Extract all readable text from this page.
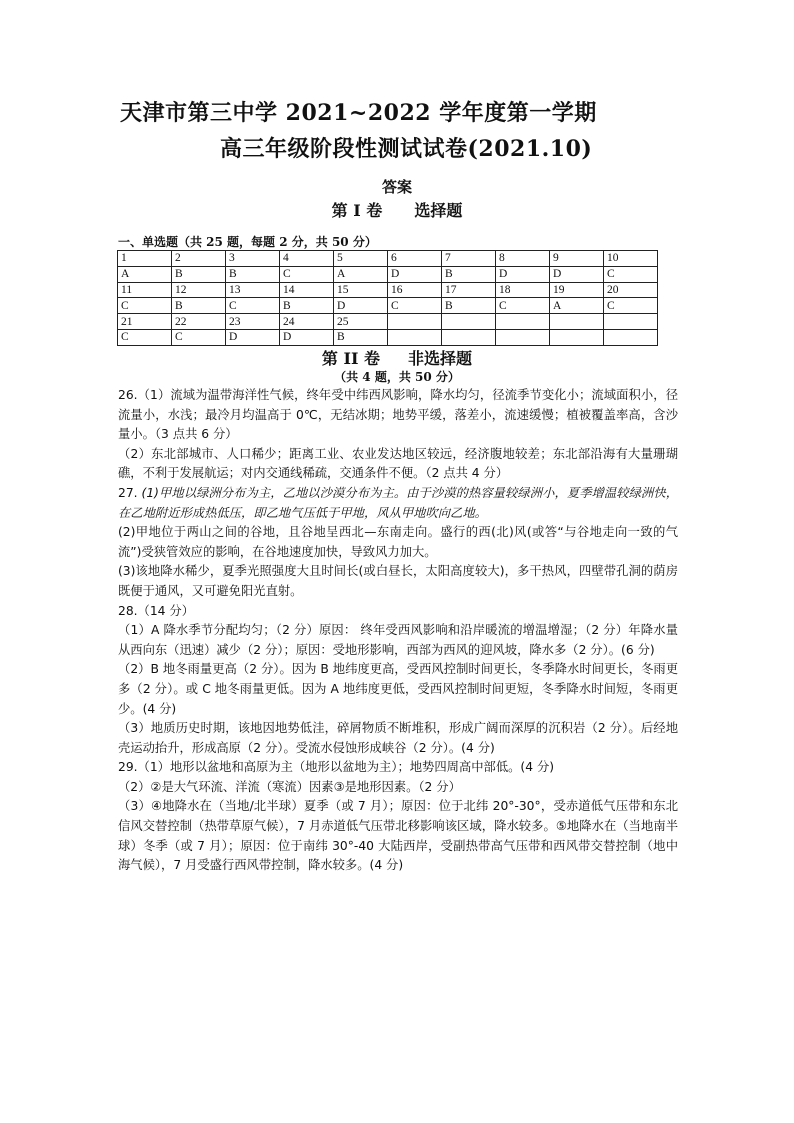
天津市第三中学 2021~2022 学年度第一学期
高三年级阶段性测试试卷(2021.10)
答案
第 I 卷 选择题
一、单选题（共 25 题，每题 2 分，共 50 分）
1	2	3	4	5	6	7	8	9	10
A	B	B	C	A	D	B	D	D	C
11	12	13	14	15	16	17	18	19	20
C	B	C	B	D	C	B	C	A	C
21	22	23	24	25					
C	C	D	D	B					
第 II 卷 非选择题
（共 4 题，共 50 分）

26.（1）流域为温带海洋性气候，终年受中纬西风影响，降水均匀，径流季节变化小；流域面积小，径流量小，水浅；最冷月均温高于 0℃，无结冰期；地势平缓，落差小，流速缓慢；植被覆盖率高，含沙量小。（3 点共 6 分）

（2）东北部城市、人口稀少；距离工业、农业发达地区较远，经济腹地较差；东北部沿海有大量珊瑚礁，不利于发展航运；对内交通线稀疏，交通条件不便。（2 点共 4 分）

27. (1)甲地以绿洲分布为主，乙地以沙漠分布为主。由于沙漠的热容量较绿洲小，夏季增温较绿洲快，在乙地附近形成热低压，即乙地气压低于甲地，风从甲地吹向乙地。

(2)甲地位于两山之间的谷地，且谷地呈西北—东南走向。盛行的西(北)风(或答“与谷地走向一致的气流”)受狭管效应的影响，在谷地速度加快，导致风力加大。

(3)该地降水稀少，夏季光照强度大且时间长(或白昼长，太阳高度较大)，多干热风，四壁带孔洞的荫房既便于通风，又可避免阳光直射。

28.（14 分）

（1）A 降水季节分配均匀；（2 分）原因： 终年受西风影响和沿岸暖流的增温增湿；（2 分）年降水量从西向东（迅速）减少（2 分）；原因：受地形影响，西部为西风的迎风坡，降水多（2 分）。(6 分)

（2）B 地冬雨量更高（2 分）。因为 B 地纬度更高，受西风控制时间更长，冬季降水时间更长，冬雨更多（2 分）。或 C 地冬雨量更低。因为 A 地纬度更低，受西风控制时间更短，冬季降水时间短，冬雨更少。(4 分)

（3）地质历史时期，该地因地势低洼，碎屑物质不断堆积，形成广阔而深厚的沉积岩（2 分）。后经地壳运动抬升，形成高原（2 分）。受流水侵蚀形成峡谷（2 分）。(4 分)

29.（1）地形以盆地和高原为主（地形以盆地为主）；地势四周高中部低。(4 分)

（2）②是大气环流、洋流（寒流）因素③是地形因素。（2 分）

（3）④地降水在（当地/北半球）夏季（或 7 月）；原因：位于北纬 20°-30°，受赤道低气压带和东北信风交替控制（热带草原气候），7 月赤道低气压带北移影响该区域，降水较多。⑤地降水在（当地南半球）冬季（或 7 月）；原因：位于南纬 30°-40 大陆西岸，受副热带高气压带和西风带交替控制（地中海气候），7 月受盛行西风带控制，降水较多。(4 分)
